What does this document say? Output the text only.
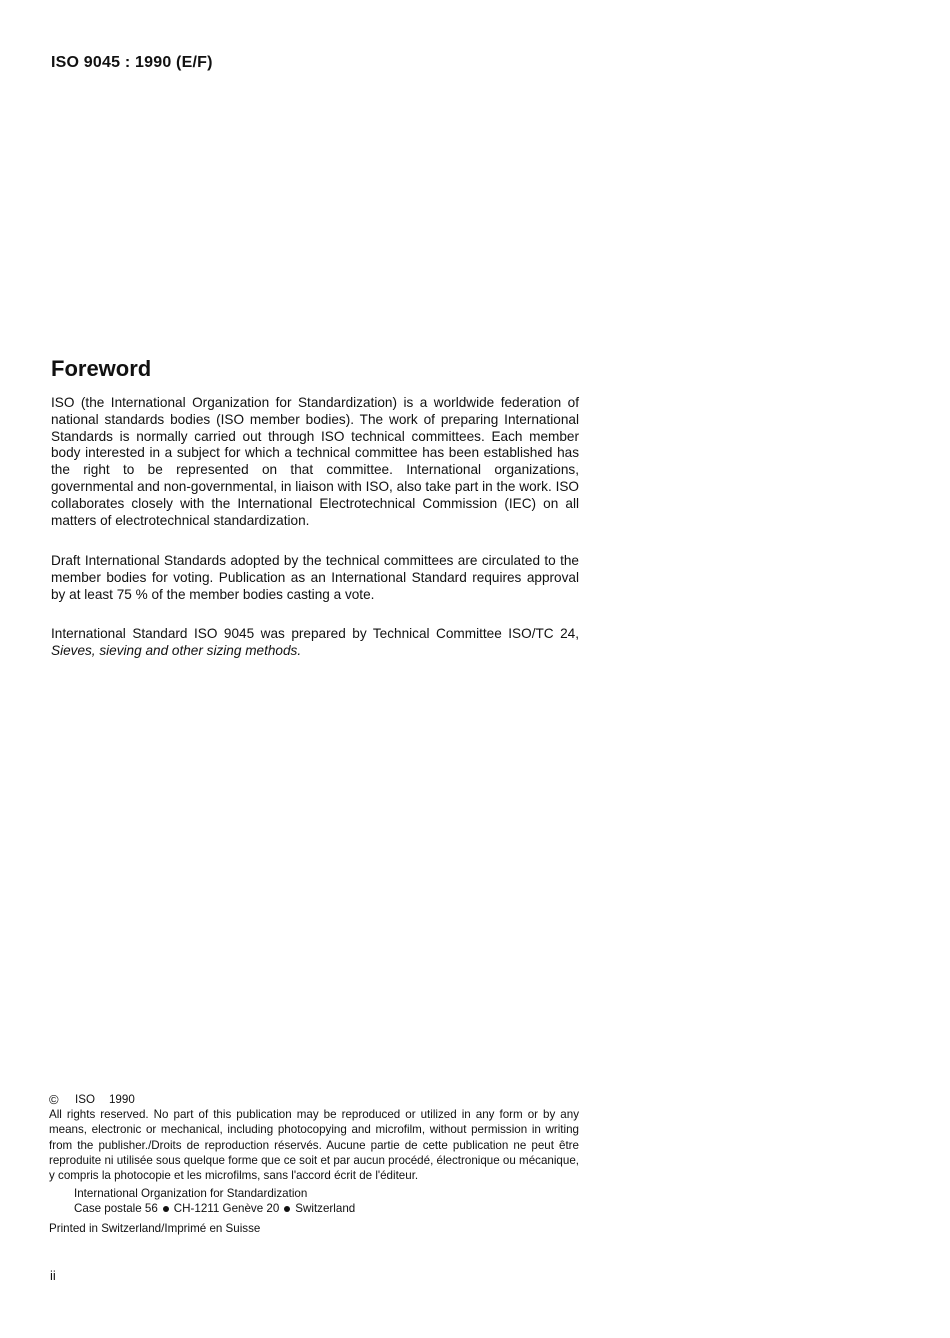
ISO 9045 : 1990 (E/F)
Foreword

ISO (the International Organization for Standardization) is a worldwide federation of national standards bodies (ISO member bodies). The work of preparing International Standards is normally carried out through ISO technical committees. Each member body interested in a subject for which a technical committee has been established has the right to be represented on that committee. International organizations, governmental and non-governmental, in liaison with ISO, also take part in the work. ISO collaborates closely with the International Electrotechnical Commission (IEC) on all matters of electrotechnical standardization.

Draft International Standards adopted by the technical committees are circulated to the member bodies for voting. Publication as an International Standard requires approval by at least 75 % of the member bodies casting a vote.

International Standard ISO 9045 was prepared by Technical Committee ISO/TC 24, Sieves, sieving and other sizing methods.

©	ISO 1990

All rights reserved. No part of this publication may be reproduced or utilized in any form or by any means, electronic or mechanical, including photocopying and microfilm, without permission in writing from the publisher./Droits de reproduction réservés. Aucune partie de cette publication ne peut être reproduite ni utilisée sous quelque forme que ce soit et par aucun procédé, électronique ou mécanique, y compris la photocopie et les microfilms, sans l'accord écrit de l'éditeur.

International Organization for Standardization
Case postale 56 CH-1211 Genève 20 Switzerland
Printed in Switzerland/Imprimé en Suisse
ii
